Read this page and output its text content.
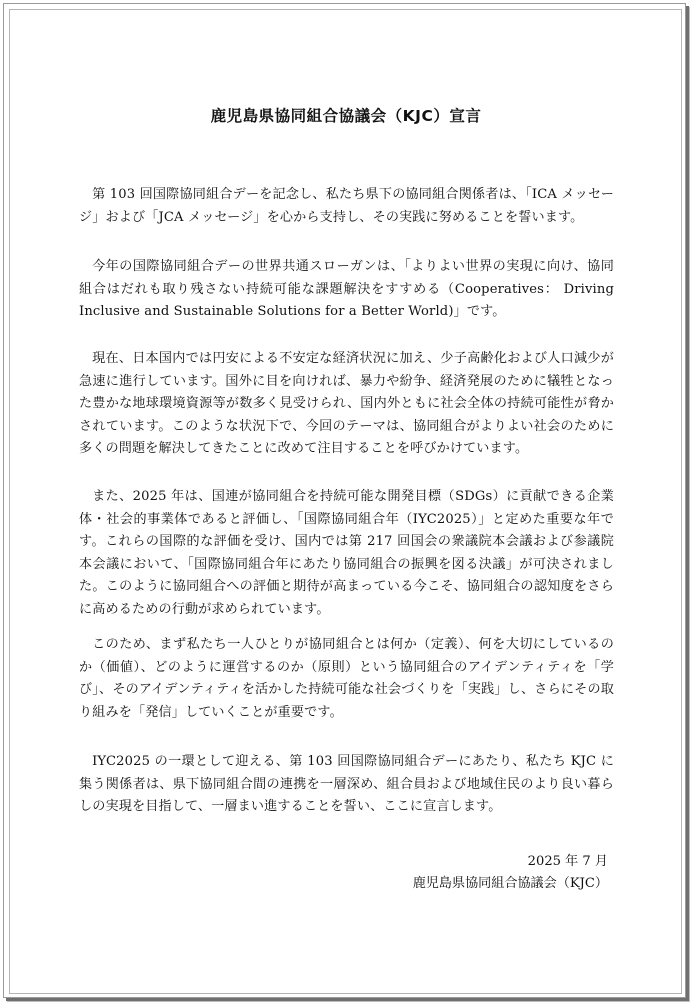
鹿児島県協同組合協議会（KJC）宣言

第 103 回国際協同組合デーを記念し、私たち県下の協同組合関係者は、「ICA メッセージ」および「JCA メッセージ」を心から支持し、その実践に努めることを誓います。

今年の国際協同組合デーの世界共通スローガンは、「よりよい世界の実現に向け、協同組合はだれも取り残さない持続可能な課題解決をすすめる（Cooperatives： Driving Inclusive and Sustainable Solutions for a Better World)」です。

現在、日本国内では円安による不安定な経済状況に加え、少子高齢化および人口減少が急速に進行しています。国外に目を向ければ、暴力や紛争、経済発展のために犠牲となった豊かな地球環境資源等が数多く見受けられ、国内外ともに社会全体の持続可能性が脅かされています。このような状況下で、今回のテーマは、協同組合がよりよい社会のために多くの問題を解決してきたことに改めて注目することを呼びかけています。

また、2025 年は、国連が協同組合を持続可能な開発目標（SDGs）に貢献できる企業体・社会的事業体であると評価し、「国際協同組合年（IYC2025）」と定めた重要な年です。これらの国際的な評価を受け、国内では第 217 回国会の衆議院本会議および参議院本会議において、「国際協同組合年にあたり協同組合の振興を図る決議」が可決されました。このように協同組合への評価と期待が高まっている今こそ、協同組合の認知度をさらに高めるための行動が求められています。

このため、まず私たち一人ひとりが協同組合とは何か（定義）、何を大切にしているのか（価値）、どのように運営するのか（原則）という協同組合のアイデンティティを「学び」、そのアイデンティティを活かした持続可能な社会づくりを「実践」し、さらにその取り組みを「発信」していくことが重要です。

IYC2025 の一環として迎える、第 103 回国際協同組合デーにあたり、私たち KJC に集う関係者は、県下協同組合間の連携を一層深め、組合員および地域住民のより良い暮らしの実現を目指して、一層まい進することを誓い、ここに宣言します。

2025 年 7 月
鹿児島県協同組合協議会（KJC）
